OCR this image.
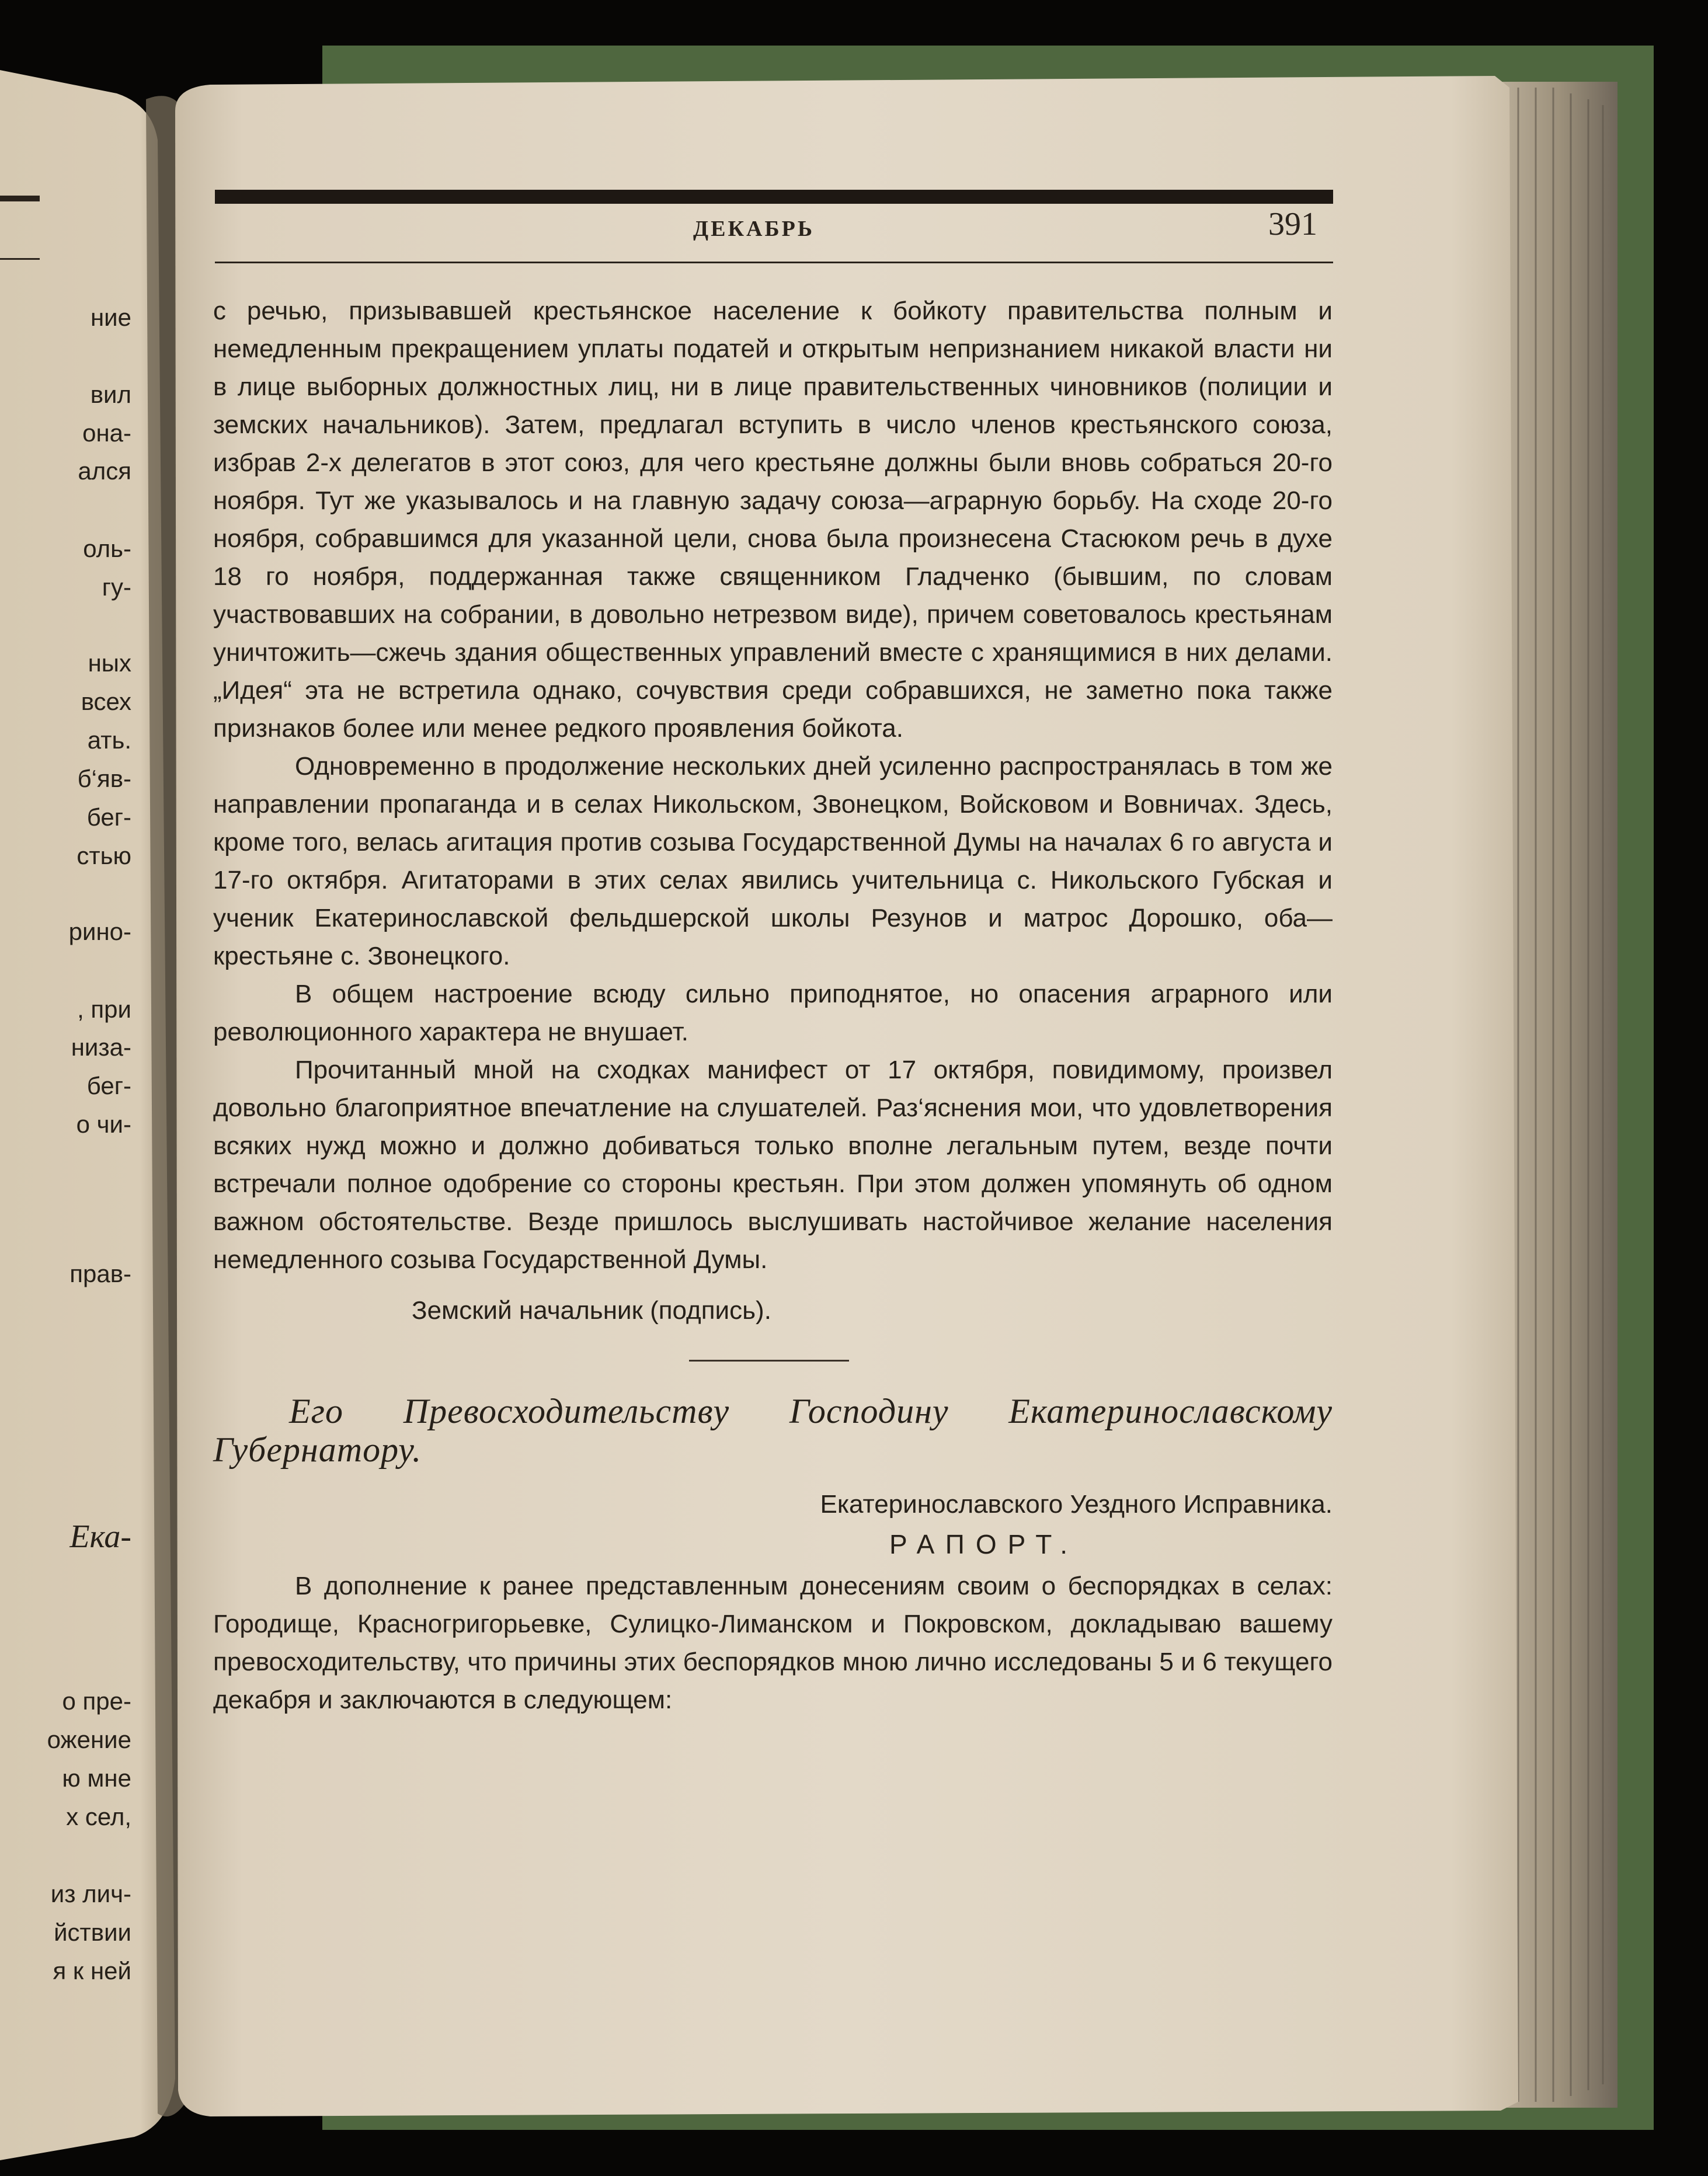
ДЕКАБРЬ	391

с речью, призывавшей крестьянское население к бойкоту правительства полным и немедленным прекращением уплаты податей и открытым непризнанием никакой власти ни в лице выборных должностных лиц, ни в лице правительственных чиновников (полиции и земских начальников). Затем, предлагал вступить в число членов крестьянского союза, избрав 2-х делегатов в этот союз, для чего крестьяне должны были вновь собраться 20-го ноября. Тут же указывалось и на главную задачу союза—аграрную борьбу. На сходе 20-го ноября, собравшимся для указанной цели, снова была произнесена Стасюком речь в духе 18 го ноября, поддержанная также священником Гладченко (бывшим, по словам участвовавших на собрании, в довольно нетрезвом виде), причем советовалось крестьянам уничтожить—сжечь здания общественных управлений вместе с хранящимися в них делами. „Идея“ эта не встретила однако, сочувствия среди собравшихся, не заметно пока также признаков более или менее редкого проявления бойкота.

Одновременно в продолжение нескольких дней усиленно распространялась в том же направлении пропаганда и в селах Никольском, Звонецком, Войсковом и Вовничах. Здесь, кроме того, велась агитация против созыва Государственной Думы на началах 6 го августа и 17-го октября. Агитаторами в этих селах явились учительница с. Никольского Губская и ученик Екатеринославской фельдшерской школы Резунов и матрос Дорошко, оба—крестьяне с. Звонецкого.

В общем настроение всюду сильно приподнятое, но опасения аграрного или революционного характера не внушает.

Прочитанный мной на сходках манифест от 17 октября, повидимому, произвел довольно благоприятное впечатление на слушателей. Раз‘яснения мои, что удовлетворения всяких нужд можно и должно добиваться только вполне легальным путем, везде почти встречали полное одобрение со стороны крестьян. При этом должен упомянуть об одном важном обстоятельстве. Везде пришлось выслушивать настойчивое желание населения немедленного созыва Государственной Думы.

Земский начальник (подпись).

Его Превосходительству Господину Екатеринославскому Губернатору.

Екатеринославского Уездного Исправника.

РАПОРТ.

В дополнение к ранее представленным донесениям своим о беспорядках в селах: Городище, Красногригорьевке, Сулицко-Лиманском и Покровском, докладываю вашему превосходительству, что причины этих беспорядков мною лично исследованы 5 и 6 текущего декабря и заключаются в следующем:

ние
вил
она-
ался
оль-
гу-
ных
всех
ать.
б‘яв-
бег-
стью
рино-
, при
низа-
бег-
о чи-
прав-
Ека-
о пре-
ожение
ю мне
х сел,
из лич-
йствии
я к ней
